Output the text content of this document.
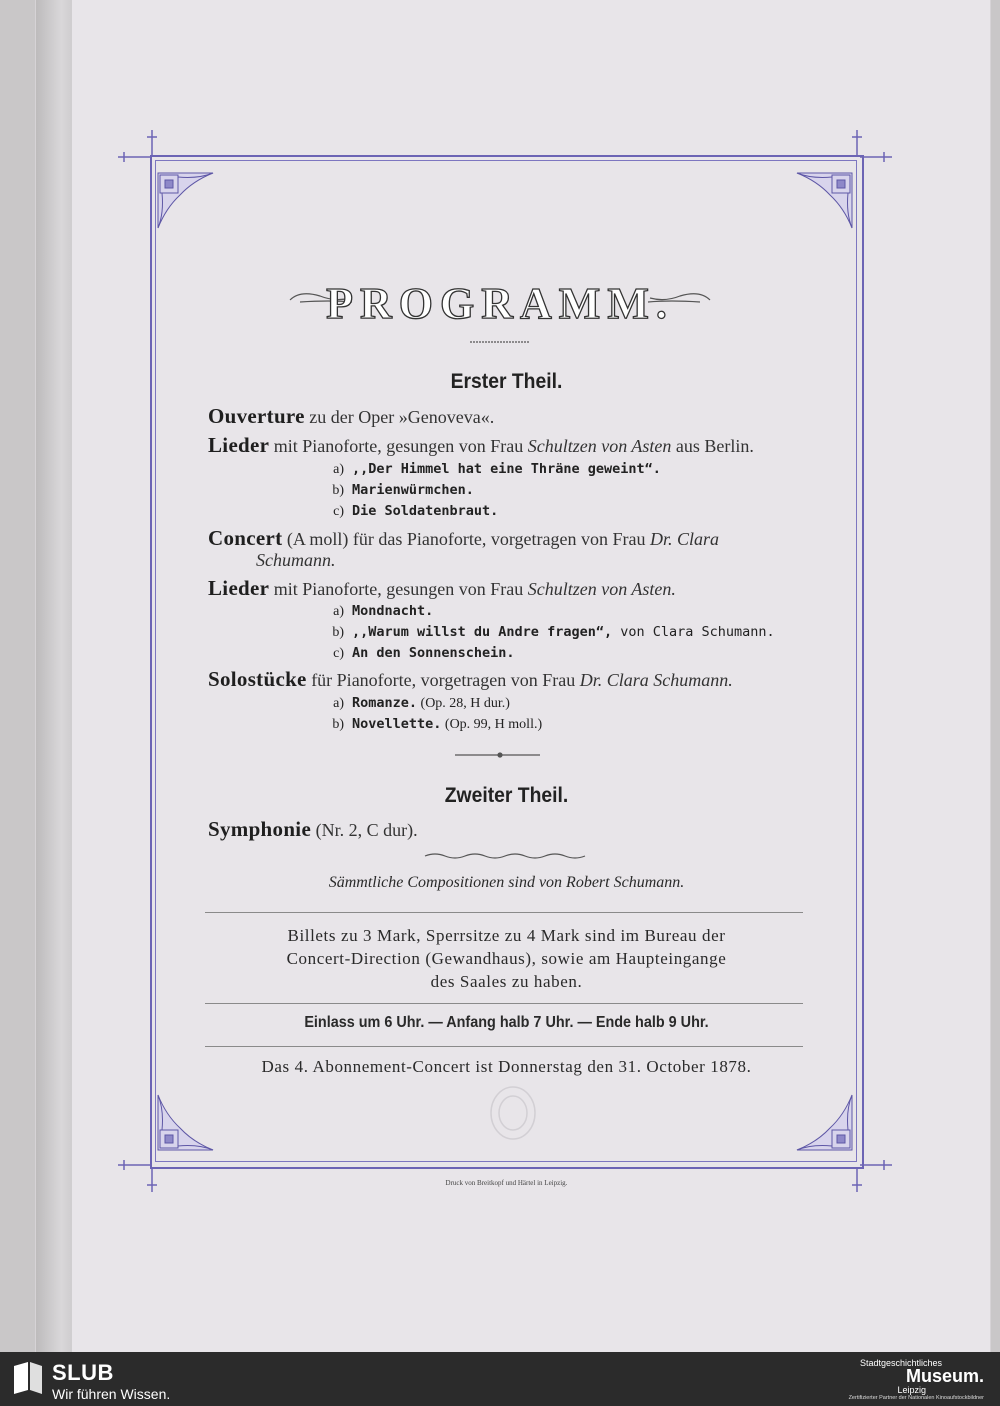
PROGRAMM.
Erster Theil.
Ouverture zu der Oper »Genoveva«.
Lieder mit Pianoforte, gesungen von Frau Schultzen von Asten aus Berlin.
a) ,,Der Himmel hat eine Thräne geweint“.
b) Marienwürmchen.
c) Die Soldatenbraut.
Concert (A moll) für das Pianoforte, vorgetragen von Frau Dr. Clara
Schumann.
Lieder mit Pianoforte, gesungen von Frau Schultzen von Asten.
a) Mondnacht.
b) ,,Warum willst du Andre fragen“, von Clara Schumann.
c) An den Sonnenschein.
Solostücke für Pianoforte, vorgetragen von Frau Dr. Clara Schumann.
a) Romanze. (Op. 28, H dur.)
b) Novellette. (Op. 99, H moll.)
Zweiter Theil.
Symphonie (Nr. 2, C dur).
Sämmtliche Compositionen sind von Robert Schumann.
Billets zu 3 Mark, Sperrsitze zu 4 Mark sind im Bureau der
Concert-Direction (Gewandhaus), sowie am Haupteingange
des Saales zu haben.
Einlass um 6 Uhr. — Anfang halb 7 Uhr. — Ende halb 9 Uhr.
Das 4. Abonnement-Concert ist Donnerstag den 31. October 1878.
Druck von Breitkopf und Härtel in Leipzig.
SLUB
Wir führen Wissen.
Stadtgeschichtliches
Museum.
Leipzig
Zertifizierter Partner der Nationalen Kinoaufstockbildner
